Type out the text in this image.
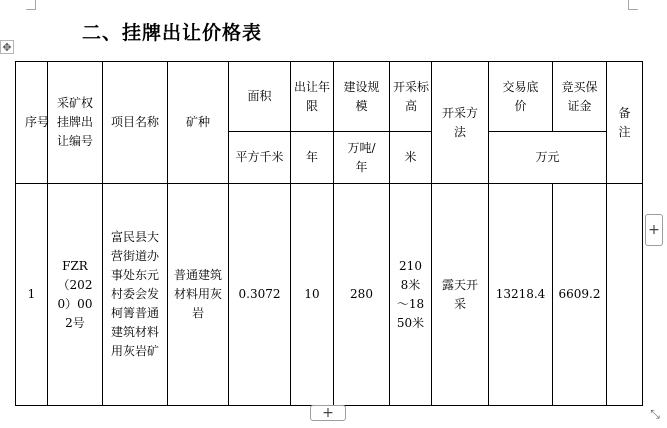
✥
二、挂牌出让价格表
序号	采矿权挂牌出让编号	项目名称	矿种	面积	出让年限	建设规模	开采标高	开采方法	交易底价	竞买保证金	备注
				平方千米	年	万吨/年	米		万元		
1	FZR（2020）002号	富民县大营街道办事处东元村委会发柯箐普通建筑材料用灰岩矿	普通建筑材料用灰岩	0.3072	10	280	2108米～1850米	露天开采	13218.4	6609.2	
+
+	⤡
